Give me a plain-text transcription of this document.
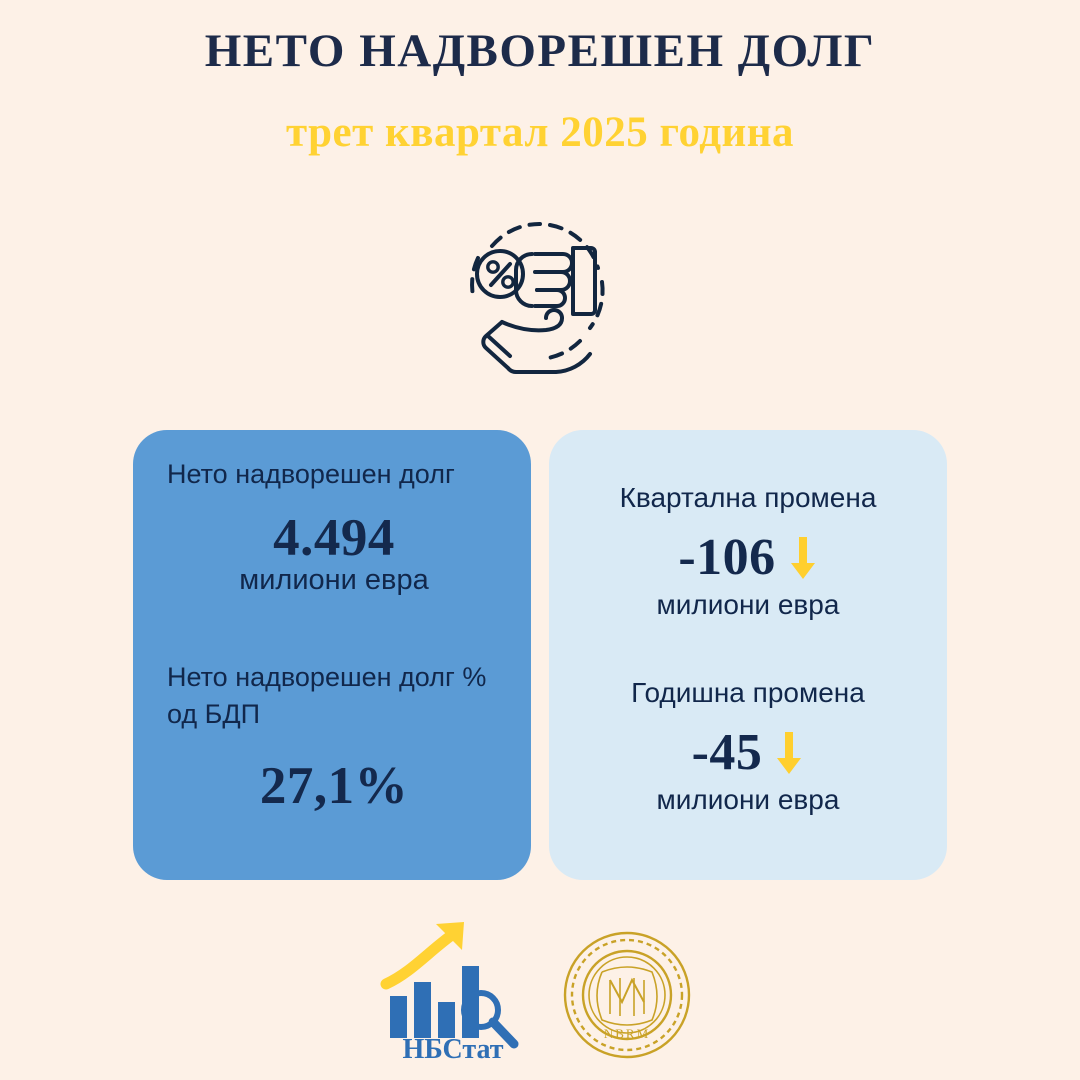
НЕТО НАДВОРЕШЕН ДОЛГ
трет квартал 2025 година
Нето надворешен долг
4.494
милиони евра
Нето надворешен долг % од БДП
27,1%
Квартална промена
-106
милиони евра
Годишна промена
-45
милиони евра
НБСтат
NBRM
